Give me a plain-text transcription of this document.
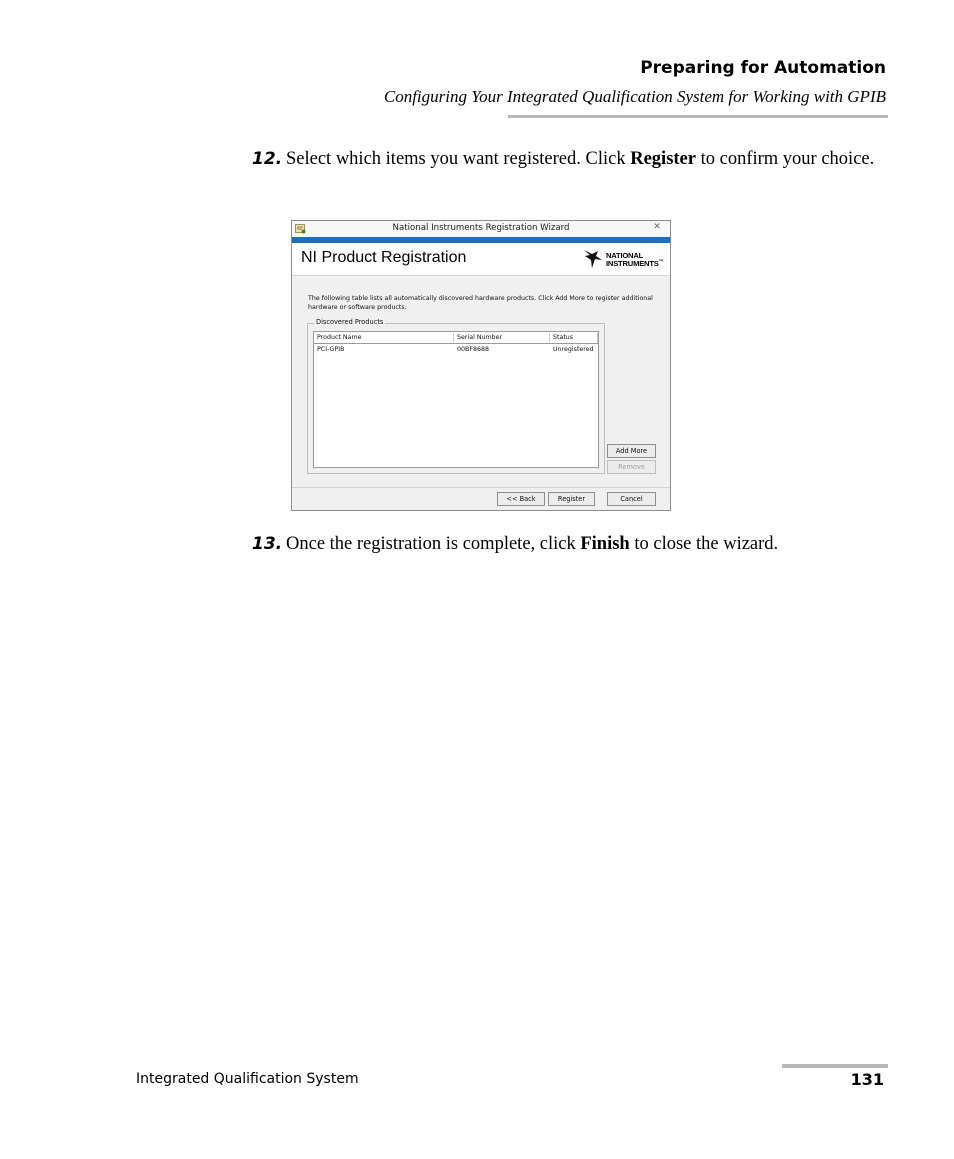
Preparing for Automation
Configuring Your Integrated Qualification System for Working with GPIB
12. Select which items you want registered. Click Register to confirm your choice.
National Instruments Registration Wizard	✕
NI Product Registration	NATIONAL
INSTRUMENTS™
The following table lists all automatically discovered hardware products. Click Add More to register additional hardware or software products.
Discovered Products
Product Name	Serial Number	Status
PCI-GPIB	00BF8688	Unregistered
Add More
Remove
<< Back	Register	Cancel
13. Once the registration is complete, click Finish to close the wizard.
Integrated Qualification System	131
